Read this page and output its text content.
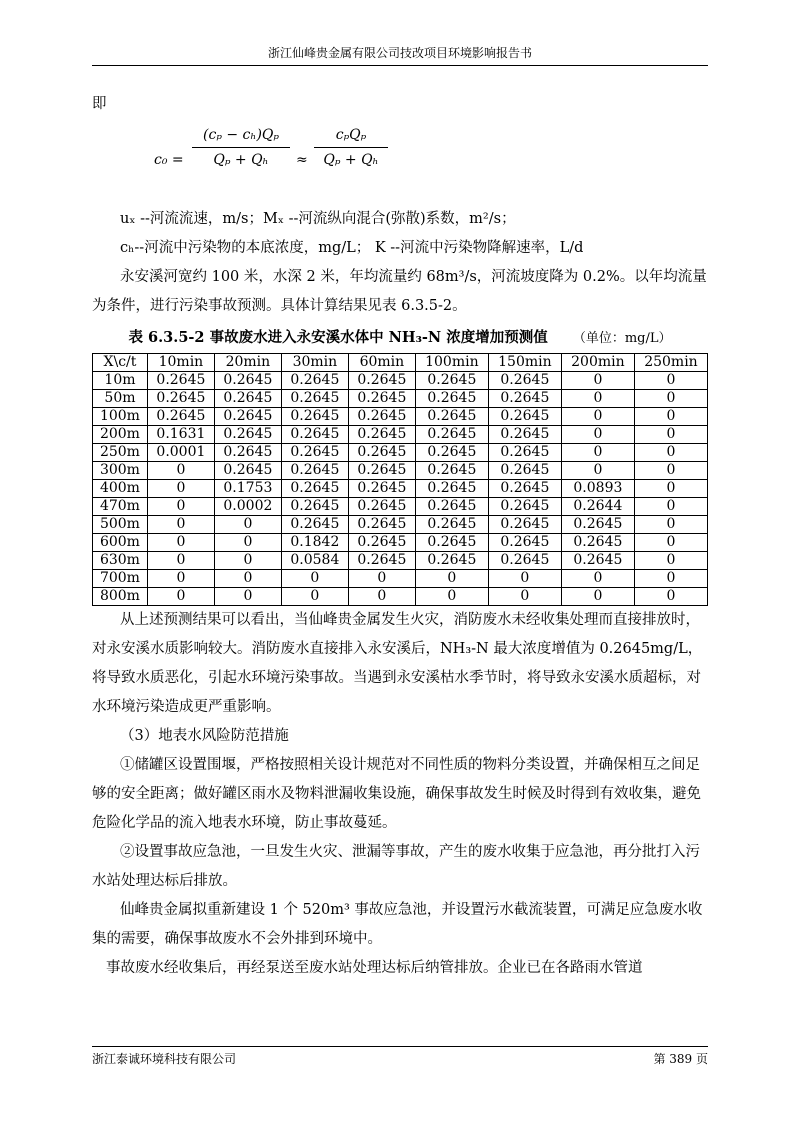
浙江仙峰贵金属有限公司技改项目环境影响报告书

即

$c_0 = \frac{\text{(cₚ − cₕ)Qₚ}}{\text{Qₚ + Qₕ}}$ ≈
cₚQₚ
Qₚ + Qₕ

uₓ --河流流速，m/s；Mₓ --河流纵向混合(弥散)系数，m²/s；

cₕ--河流中污染物的本底浓度，mg/L； K --河流中污染物降解速率，L/d

永安溪河宽约 100 米，水深 2 米，年均流量约 68m³/s，河流坡度降为 0.2%。以年均流量为条件，进行污染事故预测。具体计算结果见表 6.3.5-2。

表 6.3.5-2 事故废水进入永安溪水体中 NH₃-N 浓度增加预测值 （单位：mg/L）
X\c/t	10min	20min	30min	60min	100min	150min	200min	250min
10m	0.2645	0.2645	0.2645	0.2645	0.2645	0.2645	0	0
50m	0.2645	0.2645	0.2645	0.2645	0.2645	0.2645	0	0
100m	0.2645	0.2645	0.2645	0.2645	0.2645	0.2645	0	0
200m	0.1631	0.2645	0.2645	0.2645	0.2645	0.2645	0	0
250m	0.0001	0.2645	0.2645	0.2645	0.2645	0.2645	0	0
300m	0	0.2645	0.2645	0.2645	0.2645	0.2645	0	0
400m	0	0.1753	0.2645	0.2645	0.2645	0.2645	0.0893	0
470m	0	0.0002	0.2645	0.2645	0.2645	0.2645	0.2644	0
500m	0	0	0.2645	0.2645	0.2645	0.2645	0.2645	0
600m	0	0	0.1842	0.2645	0.2645	0.2645	0.2645	0
630m	0	0	0.0584	0.2645	0.2645	0.2645	0.2645	0
700m	0	0	0	0	0	0	0	0
800m	0	0	0	0	0	0	0	0

从上述预测结果可以看出，当仙峰贵金属发生火灾，消防废水未经收集处理而直接排放时，对永安溪水质影响较大。消防废水直接排入永安溪后，NH₃-N 最大浓度增值为 0.2645mg/L，将导致水质恶化，引起水环境污染事故。当遇到永安溪枯水季节时，将导致永安溪水质超标，对水环境污染造成更严重影响。

（3）地表水风险防范措施

①储罐区设置围堰，严格按照相关设计规范对不同性质的物料分类设置，并确保相互之间足够的安全距离；做好罐区雨水及物料泄漏收集设施，确保事故发生时候及时得到有效收集，避免危险化学品的流入地表水环境，防止事故蔓延。

②设置事故应急池，一旦发生火灾、泄漏等事故，产生的废水收集于应急池，再分批打入污水站处理达标后排放。

仙峰贵金属拟重新建设 1 个 520m³ 事故应急池，并设置污水截流装置，可满足应急废水收集的需要，确保事故废水不会外排到环境中。

事故废水经收集后，再经泵送至废水站处理达标后纳管排放。企业已在各路雨水管道

浙江泰诚环境科技有限公司	第 389 页
